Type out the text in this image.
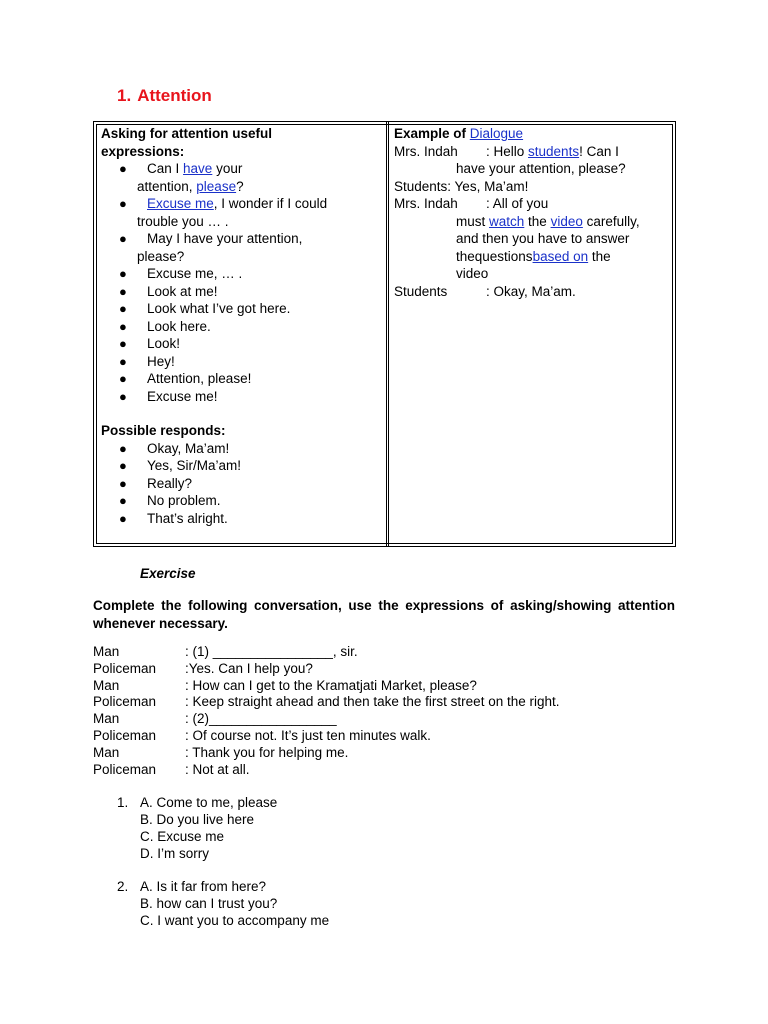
1. Attention
Asking for attention useful
expressions:
●	Can I have your
attention, please?
●	Excuse me, I wonder if I could
trouble you … .
●	May I have your attention,
please?
● Excuse me, … .
● Look at me!
● Look what I’ve got here.
● Look here.
● Look!
● Hey!
● Attention, please!
● Excuse me!
Possible responds:
● Okay, Ma’am!
● Yes, Sir/Ma’am!
● Really?
● No problem.
● That’s alright.
Example of Dialogue
Mrs. Indah : Hello students! Can I
have your attention, please?
Students: Yes, Ma’am!
Mrs. Indah : All of you
must watch the video carefully,
and then you have to answer
thequestionsbased on the
video
Students	: Okay, Ma’am.
Exercise
Complete the following conversation, use the expressions of asking/showing attention whenever necessary.
Man	: (1) ________________, sir.
Policeman :Yes. Can I help you?
Man	: How can I get to the Kramatjati Market, please?
Policeman : Keep straight ahead and then take the first street on the right.
Man	: (2)_________________
Policeman : Of course not. It’s just ten minutes walk.
Man	: Thank you for helping me.
Policeman : Not at all.
1. A. Come to me, please
B. Do you live here
C. Excuse me
D. I’m sorry
2. A. Is it far from here?
B. how can I trust you?
C. I want you to accompany me
